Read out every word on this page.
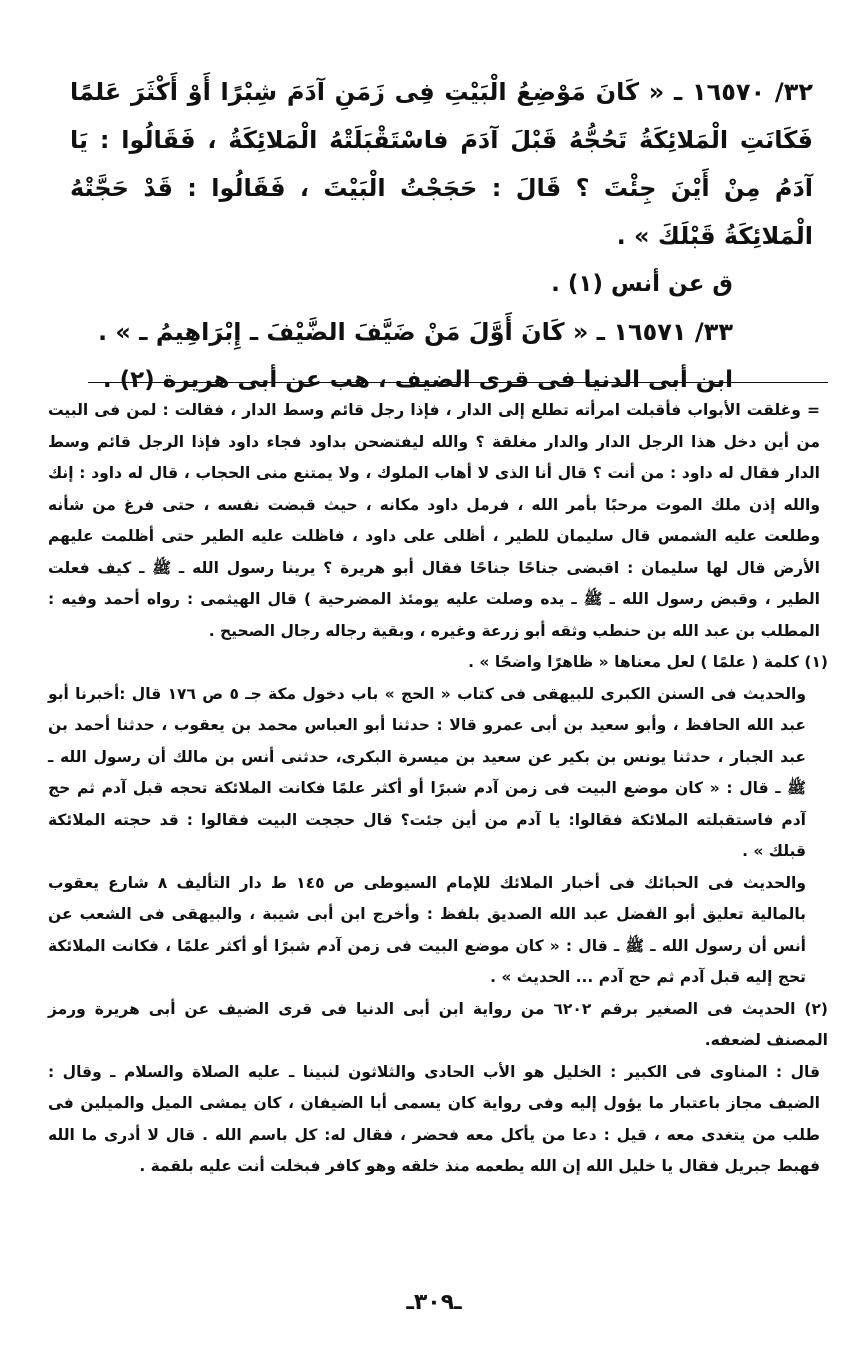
٣٢/ ١٦٥٧٠ ـ « كَانَ مَوْضِعُ الْبَيْتِ فِى زَمَنِ آدَمَ شِبْرًا أَوْ أَكْثَرَ عَلمًا فَكَانَتِ الْمَلائِكَةُ تَحُجُّهُ قَبْلَ آدَمَ فاسْتَقْبَلَتْهُ الْمَلائِكَةُ ، فَقَالُوا : يَا آدَمُ مِنْ أَيْنَ جِئْتَ ؟ قَالَ : حَجَجْتُ الْبَيْتَ ، فَقَالُوا : قَدْ حَجَّتْهُ الْمَلائِكَةُ قَبْلَكَ » .

ق عن أنس (١) .

٣٣/ ١٦٥٧١ ـ « كَانَ أَوَّلَ مَنْ ضَيَّفَ الضَّيْفَ ـ إِبْرَاهِيمُ ـ » .

ابن أبى الدنيا فى قرى الضيف ، هب عن أبى هريرة (٢) .

= وغلقت الأبواب فأقبلت امرأته تطلع إلى الدار ، فإذا رجل قائم وسط الدار ، فقالت : لمن فى البيت من أين دخل هذا الرجل الدار والدار مغلقة ؟ والله ليفتضحن بداود فجاء داود فإذا الرجل قائم وسط الدار فقال له داود : من أنت ؟ قال أنا الذى لا أهاب الملوك ، ولا يمتنع منى الحجاب ، قال له داود : إنك والله إذن ملك الموت مرحبًا بأمر الله ، فرمل داود مكانه ، حيث قبضت نفسه ، حتى فرغ من شأنه وطلعت عليه الشمس قال سليمان للطير ، أظلى على داود ، فاظلت عليه الطير حتى أظلمت عليهم الأرض قال لها سليمان : اقبضى جناحًا جناحًا فقال أبو هريرة ؟ يرينا رسول الله ـ ﷺ ـ كيف فعلت الطير ، وقبض رسول الله ـ ﷺ ـ يده وصلت عليه يومئذ المضرحية ) قال الهيثمى : رواه أحمد وفيه : المطلب بن عبد الله بن حنطب وثقه أبو زرعة وغيره ، وبقية رجاله رجال الصحيح .

(١) كلمة ( علمًا ) لعل معناها « ظاهرًا واضحًا » .

والحديث فى السنن الكبرى للبيهقى فى كتاب « الحج » باب دخول مكة جـ ٥ ص ١٧٦ قال :أخبرنا أبو عبد الله الحافظ ، وأبو سعيد بن أبى عمرو قالا : حدثنا أبو العباس محمد بن يعقوب ، حدثنا أحمد بن عبد الجبار ، حدثنا يونس بن بكير عن سعيد بن ميسرة البكرى، حدثنى أنس بن مالك أن رسول الله ـ ﷺ ـ قال : « كان موضع البيت فى زمن آدم شبرًا أو أكثر علمًا فكانت الملائكة تحجه قبل آدم ثم حج آدم فاستقبلته الملائكة فقالوا: يا آدم من أين جئت؟ قال حججت البيت فقالوا : قد حجته الملائكة قبلك » .

والحديث فى الحبائك فى أخبار الملائك للإمام السيوطى ص ١٤٥ ط دار التأليف ٨ شارع يعقوب بالمالية تعليق أبو الفضل عبد الله الصديق بلفظ : وأخرج ابن أبى شيبة ، والبيهقى فى الشعب عن أنس أن رسول الله ـ ﷺ ـ قال : « كان موضع البيت فى زمن آدم شبرًا أو أكثر علمًا ، فكانت الملائكة تحج إليه قبل آدم ثم حج آدم ... الحديث » .

(٢) الحديث فى الصغير برقم ٦٢٠٢ من رواية ابن أبى الدنيا فى قرى الضيف عن أبى هريرة ورمز المصنف لضعفه.

قال : المناوى فى الكبير : الخليل هو الأب الحادى والثلاثون لنبينا ـ عليه الصلاة والسلام ـ وقال : الضيف مجاز باعتبار ما يؤول إليه وفى رواية كان يسمى أبا الضيفان ، كان يمشى الميل والميلين فى طلب من يتغدى معه ، قيل : دعا من يأكل معه فحضر ، فقال له: كل باسم الله . قال لا أدرى ما الله فهبط جبريل فقال يا خليل الله إن الله يطعمه منذ خلقه وهو كافر فبخلت أنت عليه بلقمة .

ـ٣٠٩ـ
